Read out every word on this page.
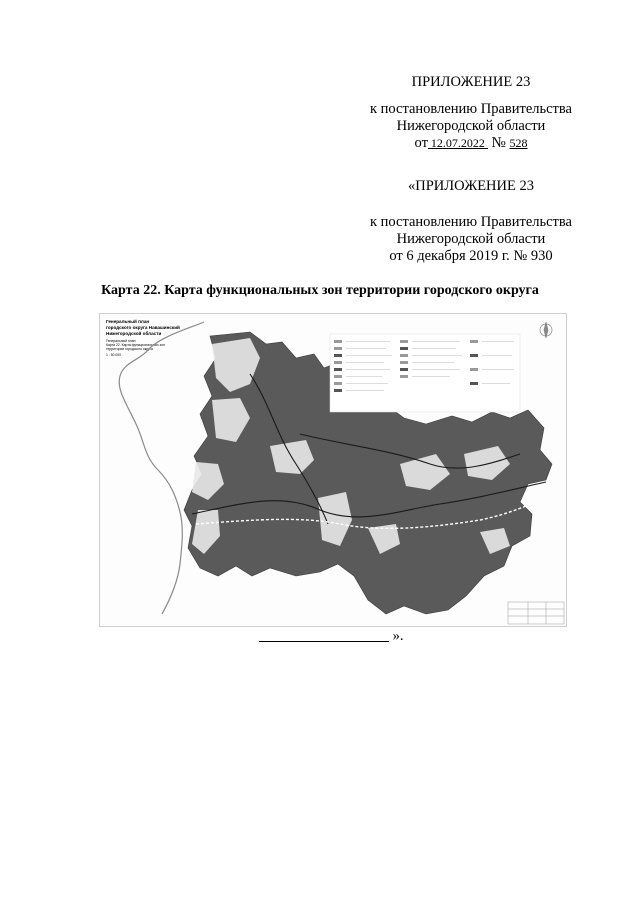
ПРИЛОЖЕНИЕ 23
к постановлению Правительства
Нижегородской области
от 12.07.2022 № 528
«ПРИЛОЖЕНИЕ 23
к постановлению Правительства
Нижегородской области
от 6 декабря 2019 г. № 930
Карта 22. Карта функциональных зон территории городского округа
Генеральный план
городского округа Навашинский
Нижегородской области
Генеральный план
Карта 22. Карта функциональных зон
территории городского округа
1 : 50 000
».
